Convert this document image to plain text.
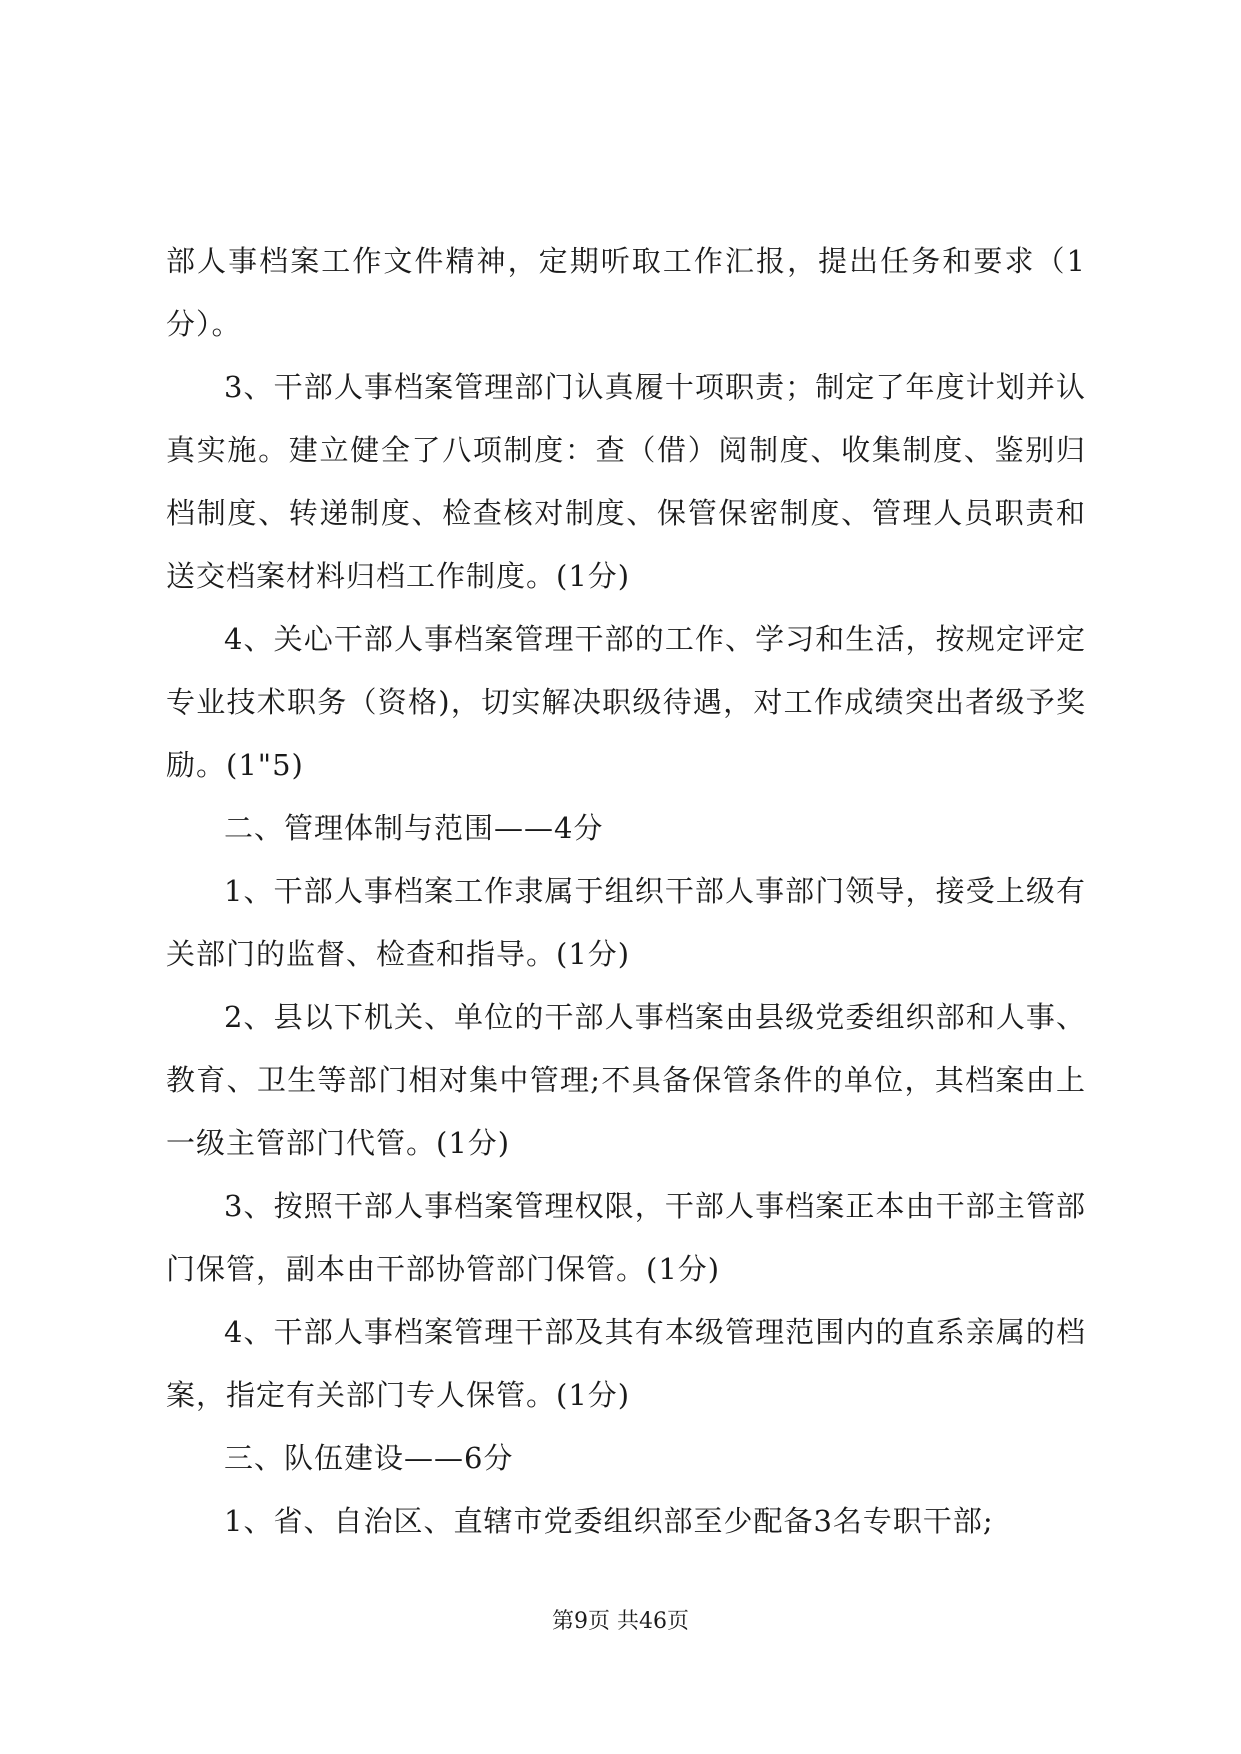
部人事档案工作文件精神，定期听取工作汇报，提出任务和要求（1分）。

3、干部人事档案管理部门认真履十项职责；制定了年度计划并认真实施。建立健全了八项制度：查（借）阅制度、收集制度、鉴别归档制度、转递制度、检查核对制度、保管保密制度、管理人员职责和送交档案材料归档工作制度。(1分)

4、关心干部人事档案管理干部的工作、学习和生活，按规定评定专业技术职务（资格)，切实解决职级待遇，对工作成绩突出者级予奖励。(1"5)

二、管理体制与范围——4分

1、干部人事档案工作隶属于组织干部人事部门领导，接受上级有关部门的监督、检查和指导。(1分)

2、县以下机关、单位的干部人事档案由县级党委组织部和人事、教育、卫生等部门相对集中管理;不具备保管条件的单位，其档案由上一级主管部门代管。(1分)

3、按照干部人事档案管理权限，干部人事档案正本由干部主管部门保管，副本由干部协管部门保管。(1分)

4、干部人事档案管理干部及其有本级管理范围内的直系亲属的档案，指定有关部门专人保管。(1分)

三、队伍建设——6分

1、省、自治区、直辖市党委组织部至少配备3名专职干部;

第9页 共46页
